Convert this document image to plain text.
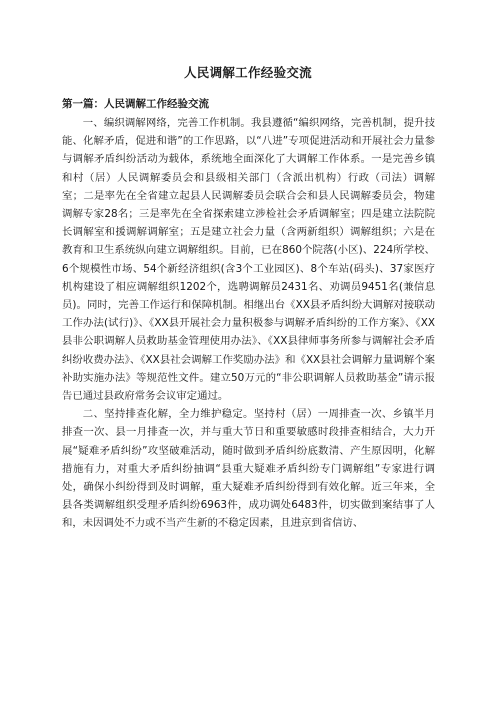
人民调解工作经验交流
第一篇：人民调解工作经验交流

一、编织调解网络，完善工作机制。我县遵循“编织网络，完善机制，提升技能、化解矛盾，促进和谐”的工作思路，以“八进”专项促进活动和开展社会力量参与调解矛盾纠纷活动为载体，系统地全面深化了大调解工作体系。一是完善乡镇和村（居）人民调解委员会和县级相关部门（含派出机构）行政（司法）调解室；二是率先在全省建立起县人民调解委员会联合会和县人民调解委员会，物建调解专家28名；三是率先在全省探索建立涉检社会矛盾调解室；四是建立法院院长调解室和援调解调解室；五是建立社会力量（含两新组织）调解组织；六是在教育和卫生系统纵向建立调解组织。目前，已在860个院落(小区)、224所学校、6个规模性市场、54个新经济组织(含3个工业园区)、8个车站(码头)、37家医疗机构建设了相应调解组织1202个，选聘调解员2431名、劝调员9451名(兼信息员)。同时，完善工作运行和保障机制。相继出台《XX县矛盾纠纷大调解对接联动工作办法(试行)》、《XX县开展社会力量积极参与调解矛盾纠纷的工作方案》、《XX县非公职调解人员救助基金管理使用办法》、《XX县律师事务所参与调解社会矛盾纠纷收费办法》、《XX县社会调解工作奖励办法》和《XX县社会调解力量调解个案补助实施办法》等规范性文件。建立50万元的“非公职调解人员救助基金”请示报告已通过县政府常务会议审定通过。

二、坚持排查化解，全力维护稳定。坚持村（居）一周排查一次、乡镇半月排查一次、县一月排查一次，并与重大节日和重要敏感时段排查相结合，大力开展“疑难矛盾纠纷”攻坚破难活动，随时做到矛盾纠纷底数清、产生原因明，化解措施有力，对重大矛盾纠纷抽调“县重大疑难矛盾纠纷专门调解组”专家进行调处，确保小纠纷得到及时调解，重大疑难矛盾纠纷得到有效化解。近三年来，全县各类调解组织受理矛盾纠纷6963件，成功调处6483件，切实做到案结事了人和，未因调处不力或不当产生新的不稳定因素，且进京到省信访、
